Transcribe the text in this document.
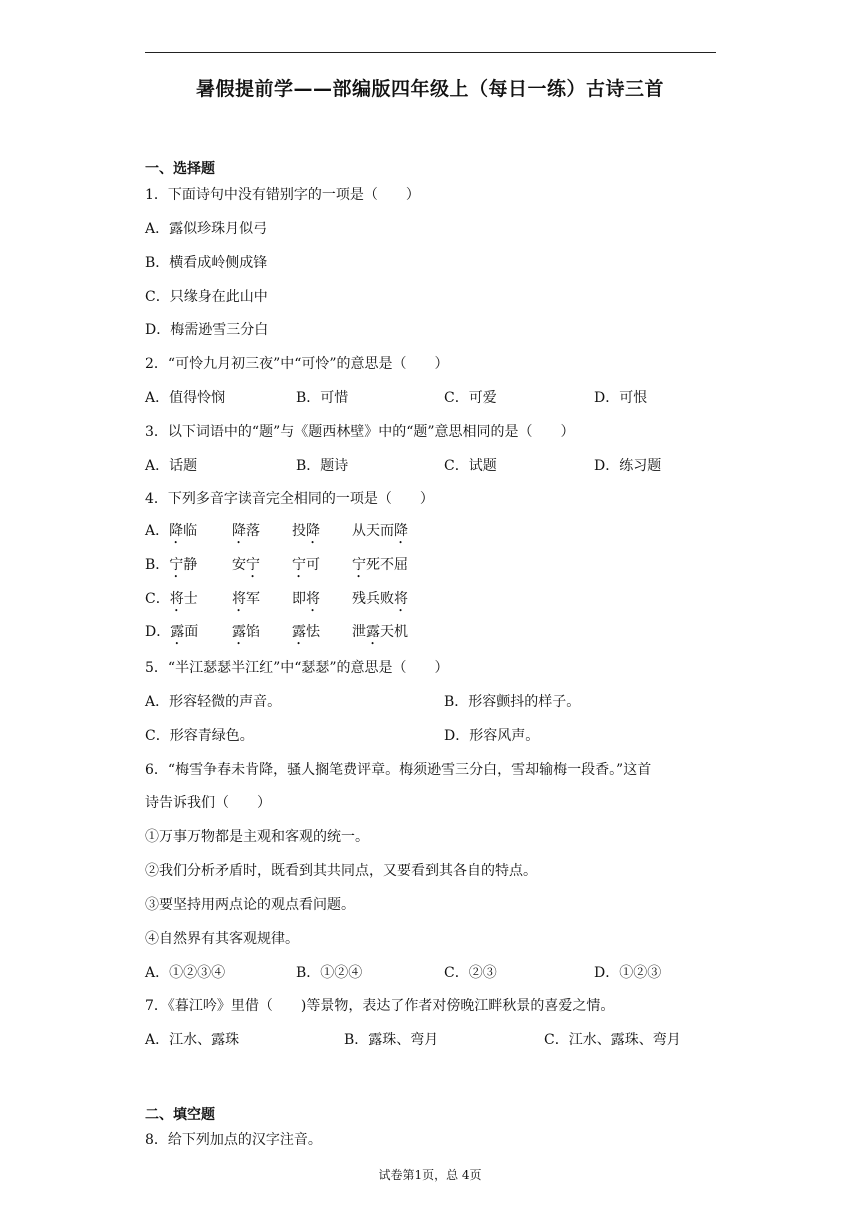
暑假提前学——部编版四年级上（每日一练）古诗三首
一、选择题
1．下面诗句中没有错别字的一项是（　　）
A．露似珍珠月似弓
B．横看成岭侧成锋
C．只缘身在此山中
D．梅需逊雪三分白
2．“可怜九月初三夜”中“可怜”的意思是（　　）
A．值得怜悯	B．可惜	C．可爱	D．可恨
3．以下词语中的“题”与《题西林壁》中的“题”意思相同的是（　　）
A．话题	B．题诗	C．试题	D．练习题
4．下列多音字读音完全相同的一项是（　　）
A．降临 降落 投降 从天而降
B．宁静 安宁 宁可 宁死不屈
C．将士 将军 即将 残兵败将
D．露面 露馅 露怯 泄露天机
5．“半江瑟瑟半江红”中“瑟瑟”的意思是（　　）
A．形容轻微的声音。	B．形容颤抖的样子。
C．形容青绿色。	D．形容风声。
6．“梅雪争春未肯降，骚人搁笔费评章。梅须逊雪三分白，雪却输梅一段香。”这首
诗告诉我们（　　）
①万事万物都是主观和客观的统一。
②我们分析矛盾时，既看到其共同点，又要看到其各自的特点。
③要坚持用两点论的观点看问题。
④自然界有其客观规律。
A．①②③④	B．①②④	C．②③	D．①②③
7．《暮江吟》里借（　　)等景物，表达了作者对傍晚江畔秋景的喜爱之情。
A．江水、露珠	B．露珠、弯月	C．江水、露珠、弯月
二、填空题
8．给下列加点的汉字注音。
试卷第1页，总 4页
